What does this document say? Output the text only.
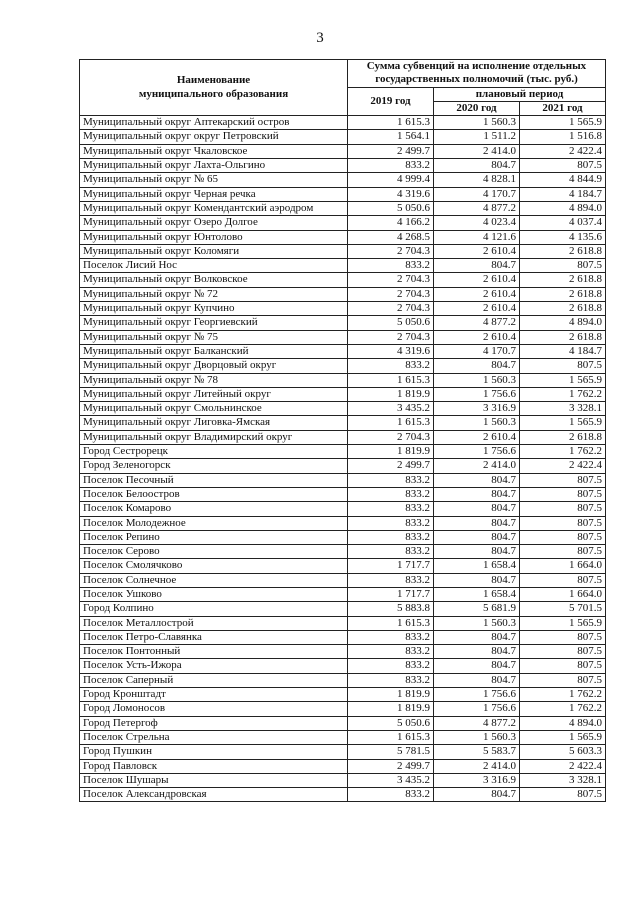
3
Наименование
муниципального образования	Сумма субвенций на исполнение отдельных государственных полномочий (тыс. руб.)		
	2019 год	плановый период	
		2020 год	2021 год
Муниципальный округ Аптекарский остров	1 615.3	1 560.3	1 565.9
Муниципальный округ округ Петровский	1 564.1	1 511.2	1 516.8
Муниципальный округ Чкаловское	2 499.7	2 414.0	2 422.4
Муниципальный округ Лахта-Ольгино	833.2	804.7	807.5
Муниципальный округ № 65	4 999.4	4 828.1	4 844.9
Муниципальный округ Черная речка	4 319.6	4 170.7	4 184.7
Муниципальный округ Комендантский аэродром	5 050.6	4 877.2	4 894.0
Муниципальный округ Озеро Долгое	4 166.2	4 023.4	4 037.4
Муниципальный округ Юнтолово	4 268.5	4 121.6	4 135.6
Муниципальный округ Коломяги	2 704.3	2 610.4	2 618.8
Поселок Лисий Нос	833.2	804.7	807.5
Муниципальный округ Волковское	2 704.3	2 610.4	2 618.8
Муниципальный округ № 72	2 704.3	2 610.4	2 618.8
Муниципальный округ Купчино	2 704.3	2 610.4	2 618.8
Муниципальный округ Георгиевский	5 050.6	4 877.2	4 894.0
Муниципальный округ № 75	2 704.3	2 610.4	2 618.8
Муниципальный округ Балканский	4 319.6	4 170.7	4 184.7
Муниципальный округ Дворцовый округ	833.2	804.7	807.5
Муниципальный округ № 78	1 615.3	1 560.3	1 565.9
Муниципальный округ Литейный округ	1 819.9	1 756.6	1 762.2
Муниципальный округ Смольнинское	3 435.2	3 316.9	3 328.1
Муниципальный округ Лиговка-Ямская	1 615.3	1 560.3	1 565.9
Муниципальный округ Владимирский округ	2 704.3	2 610.4	2 618.8
Город Сестрорецк	1 819.9	1 756.6	1 762.2
Город Зеленогорск	2 499.7	2 414.0	2 422.4
Поселок Песочный	833.2	804.7	807.5
Поселок Белоостров	833.2	804.7	807.5
Поселок Комарово	833.2	804.7	807.5
Поселок Молодежное	833.2	804.7	807.5
Поселок Репино	833.2	804.7	807.5
Поселок Серово	833.2	804.7	807.5
Поселок Смолячково	1 717.7	1 658.4	1 664.0
Поселок Солнечное	833.2	804.7	807.5
Поселок Ушково	1 717.7	1 658.4	1 664.0
Город Колпино	5 883.8	5 681.9	5 701.5
Поселок Металлострой	1 615.3	1 560.3	1 565.9
Поселок Петро-Славянка	833.2	804.7	807.5
Поселок Понтонный	833.2	804.7	807.5
Поселок Усть-Ижора	833.2	804.7	807.5
Поселок Саперный	833.2	804.7	807.5
Город Кронштадт	1 819.9	1 756.6	1 762.2
Город Ломоносов	1 819.9	1 756.6	1 762.2
Город Петергоф	5 050.6	4 877.2	4 894.0
Поселок Стрельна	1 615.3	1 560.3	1 565.9
Город Пушкин	5 781.5	5 583.7	5 603.3
Город Павловск	2 499.7	2 414.0	2 422.4
Поселок Шушары	3 435.2	3 316.9	3 328.1
Поселок Александровская	833.2	804.7	807.5
